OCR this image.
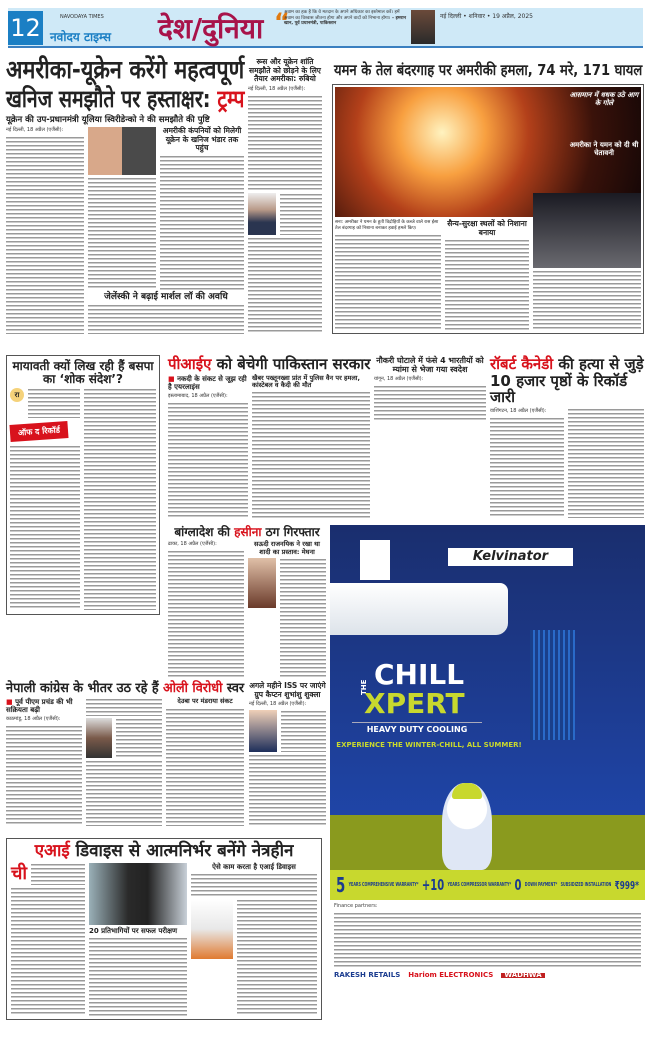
12	NAVODAYA TIMES
नवोदय टाइम्स	देश/दुनिया “
अवाम का हक है कि वे मतदान के अपने अधिकार का इस्तेमाल करें। हमें अवाम का विश्वास जीतना होगा और अपने वादों को निभाना होगा। – इमरान खान, पूर्व प्रधानमंत्री, पाकिस्तान
नई दिल्ली • शनिवार • 19 अप्रैल, 2025
अमरीका-यूक्रेन करेंगे महत्वपूर्ण
खनिज समझौते पर हस्ताक्षर: ट्रम्प
यूक्रेन की उप-प्रधानमंत्री यूलिया स्विरीडेन्को ने की समझौते की पुष्टि
नई दिल्ली, 18 अप्रैल (एजैंसी):	अमरीकी कंपनियों को मिलेगी यूक्रेन के खनिज भंडार तक पहुंच
जेलेंस्की ने बढ़ाई मार्शल लॉ की अवधि
रूस और यूक्रेन शांति समझौते को छोड़ने के लिए तैयार अमरीका: रुबियो
नई दिल्ली, 18 अप्रैल (एजैंसी):
यमन के तेल बंदरगाह पर अमरीकी हमला, 74 मरे, 171 घायल
आसमान में धधक उठे आग के गोले
अमरीका ने यमन को दी थी चेतावनी
सना: अमरीका ने यमन के हूती विद्रोहियों के कब्जे वाले रास ईसा तेल बंदरगाह को निशाना बनाकर हवाई हमले किए।
सैन्य-सुरक्षा स्थलों को निशाना बनाया
मायावती क्यों लिख रही हैं बसपा का ‘शोक संदेश’?
रा
ऑफ द रिकॉर्ड
पीआईए को बेचेगी पाकिस्तान सरकार
■ नकदी के संकट से जूझ रही है एयरलाइंस
इस्लामाबाद, 18 अप्रैल (एजैंसी):
खैबर पख्तूनख्वा प्रांत में पुलिस वैन पर हमला, कांस्टेबल व कैदी की मौत
नौकरी घोटाले में फंसे 4 भारतीयों को म्यांमा से भेजा गया स्वदेश
यांगून, 18 अप्रैल (एजैंसी):
रॉबर्ट कैनेडी की हत्या से जुड़े 10 हजार पृष्ठों के रिकॉर्ड जारी
वाशिंगटन, 18 अप्रैल (एजैंसी):
बांग्लादेश की हसीना ठग गिरफ्तार
ढाका, 18 अप्रैल (एजैंसी):	सऊदी राजनयिक ने रखा था शादी का प्रस्ताव: मेघना
नेपाली कांग्रेस के भीतर उठ रहे हैं ओली विरोधी स्वर
■ पूर्व पीएम प्रचंड की भी सक्रियता बढ़ी
काठमांडू, 18 अप्रैल (एजैंसी):
देउबा पर मंडराया संकट
अगले महीने ISS पर जाएंगे ग्रुप कैप्टन शुभांशु शुक्ला
नई दिल्ली, 18 अप्रैल (एजैंसी):
एआई डिवाइस से आत्मनिर्भर बनेंगे नेत्रहीन
ची
20 प्रतिभागियों पर सफल परीक्षण
ऐसे काम करता है एआई डिवाइस
Kelvinator
THE CHILL
XPERT
HEAVY DUTY COOLING
EXPERIENCE THE WINTER-CHILL, ALL SUMMER!
5 YEARS COMPREHENSIVE WARRANTY* +10 YEARS COMPRESSOR WARRANTY* 0 DOWN PAYMENT* SUBSIDIZED INSTALLATION ₹999*
Finance partners:
RAKESH RETAILS Hariom ELECTRONICS	WADHWA
